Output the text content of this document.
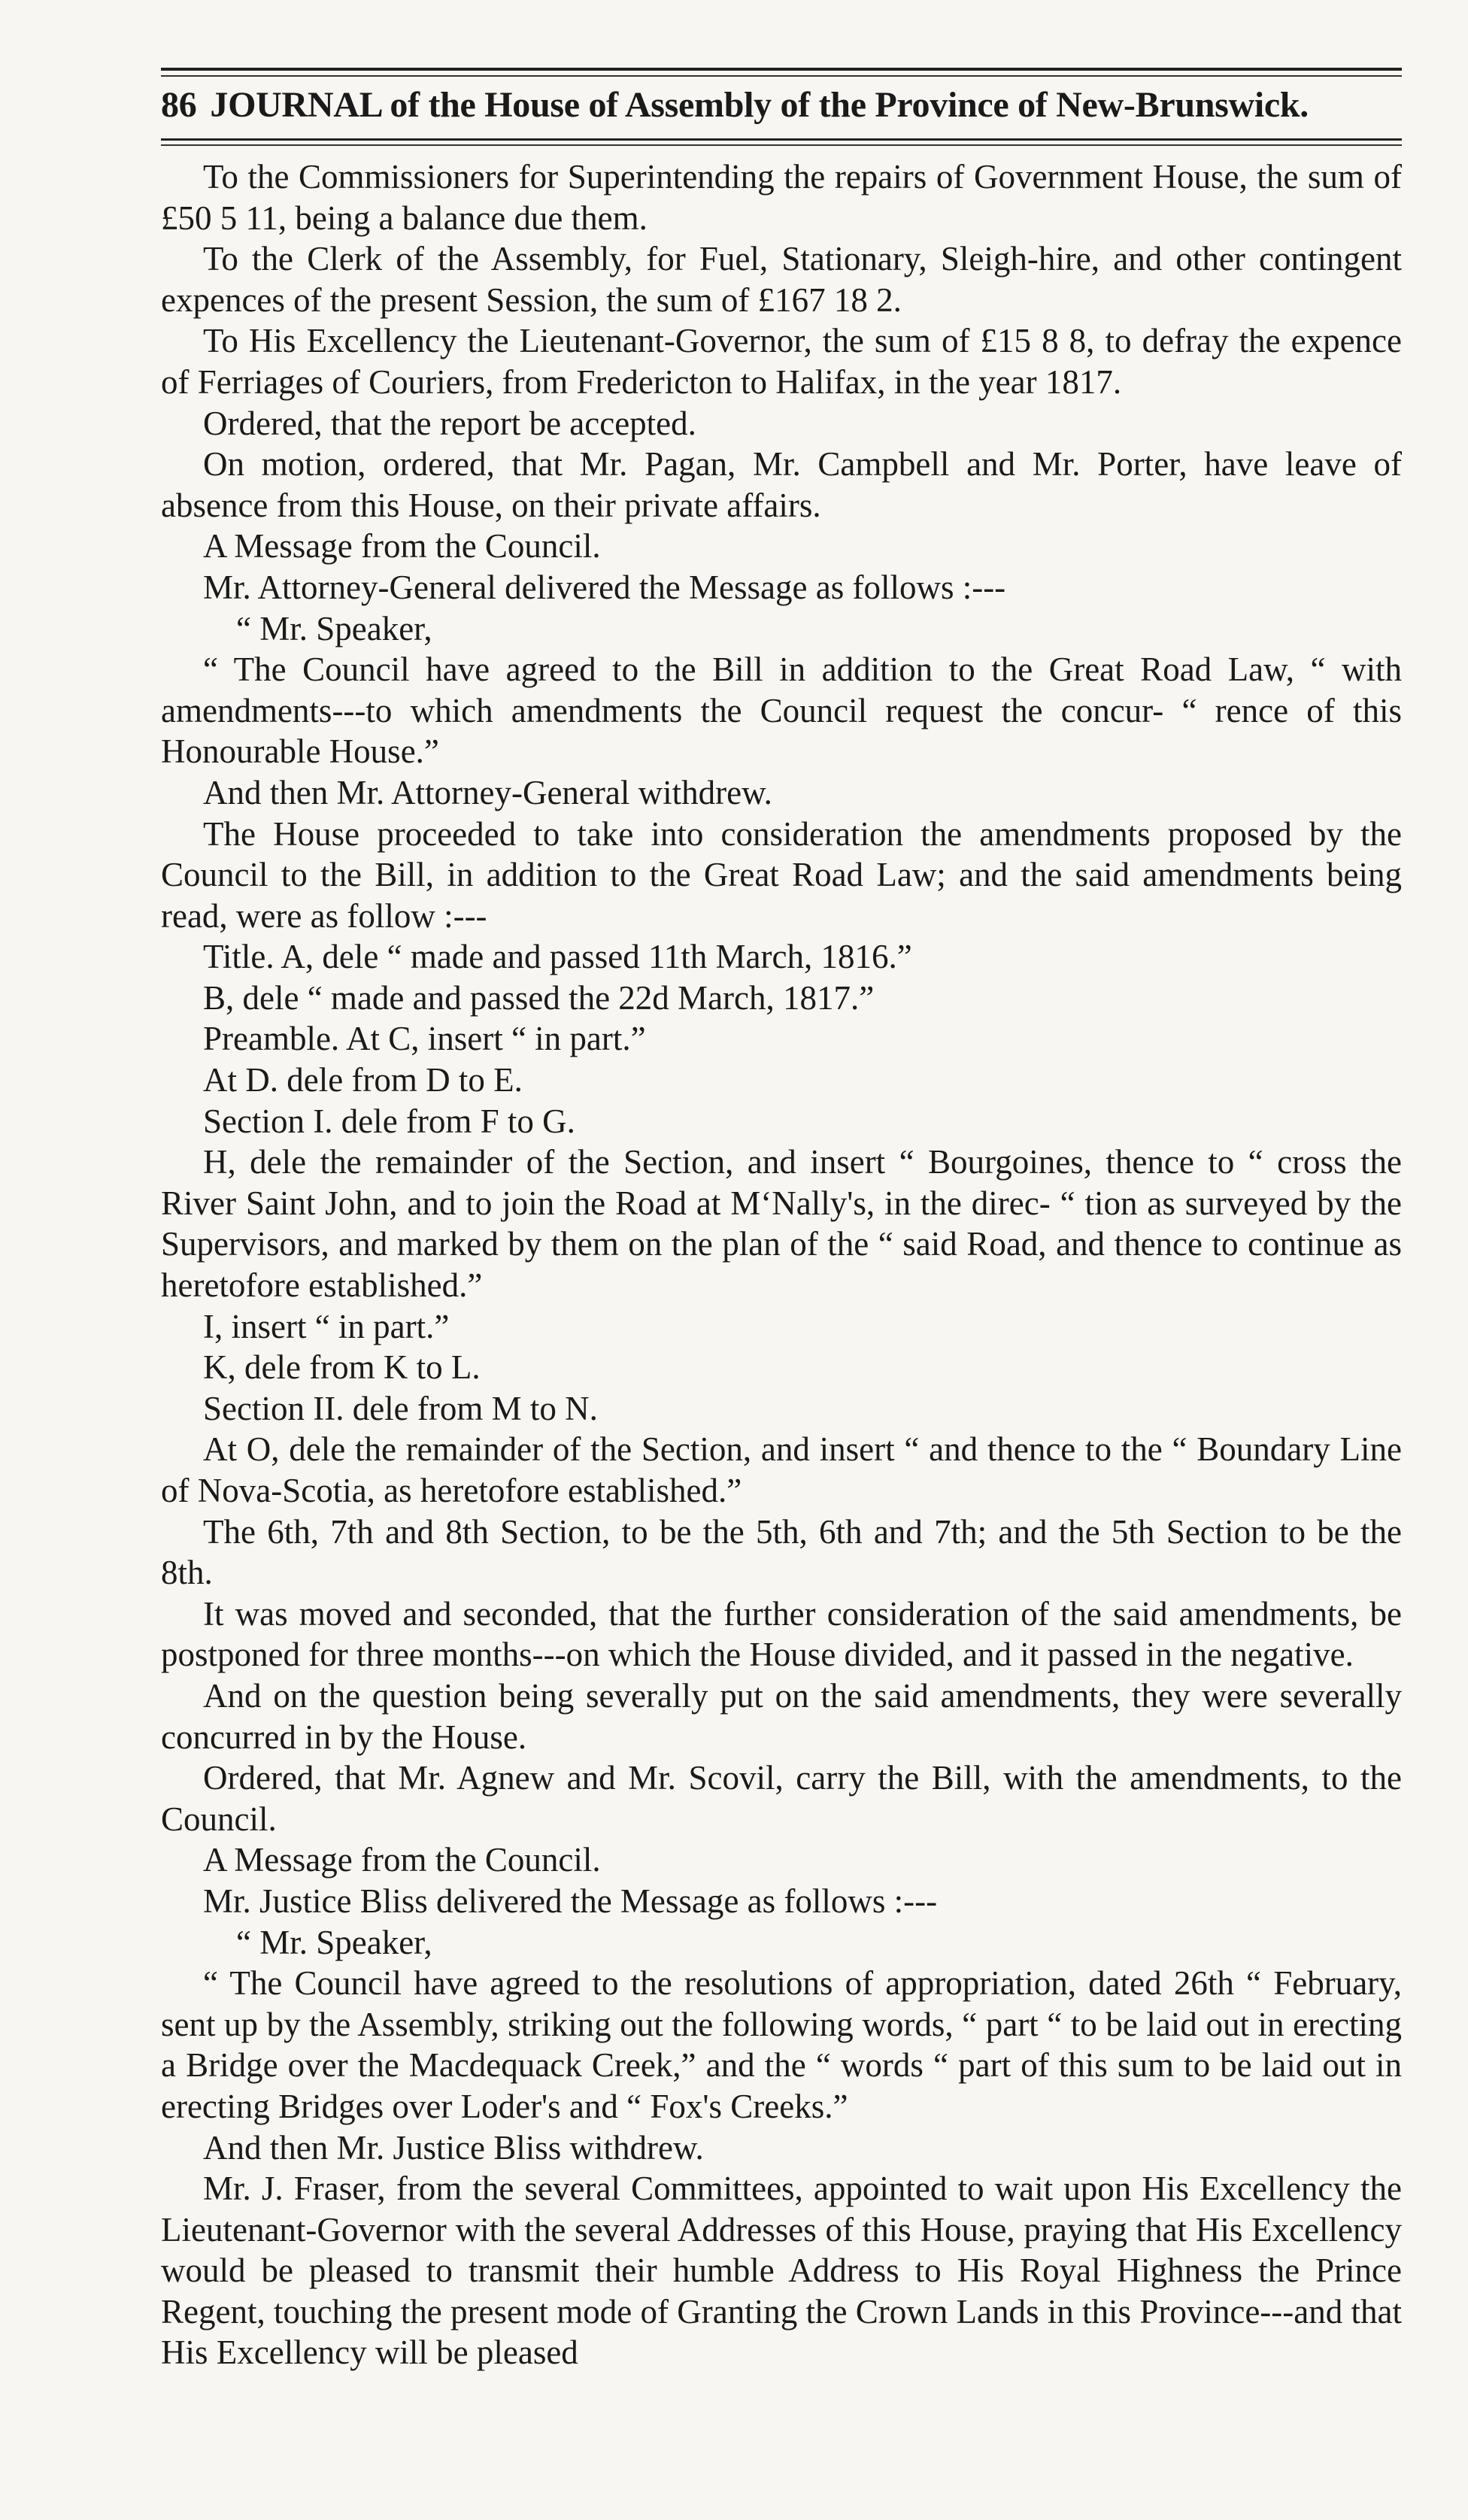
86 JOURNAL of the House of Assembly of the Province of New-Brunswick.

To the Commissioners for Superintending the repairs of Government House, the sum of £50 5 11, being a balance due them.

To the Clerk of the Assembly, for Fuel, Stationary, Sleigh-hire, and other contingent expences of the present Session, the sum of £167 18 2.

To His Excellency the Lieutenant-Governor, the sum of £15 8 8, to defray the expence of Ferriages of Couriers, from Fredericton to Halifax, in the year 1817.

Ordered, that the report be accepted.

On motion, ordered, that Mr. Pagan, Mr. Campbell and Mr. Porter, have leave of absence from this House, on their private affairs.

A Message from the Council.

Mr. Attorney-General delivered the Message as follows :---

“ Mr. Speaker,

“ The Council have agreed to the Bill in addition to the Great Road Law, “ with amendments---to which amendments the Council request the concur- “ rence of this Honourable House.”

And then Mr. Attorney-General withdrew.

The House proceeded to take into consideration the amendments proposed by the Council to the Bill, in addition to the Great Road Law; and the said amendments being read, were as follow :---

Title. A, dele “ made and passed 11th March, 1816.”

B, dele “ made and passed the 22d March, 1817.”

Preamble. At C, insert “ in part.”

At D. dele from D to E.

Section I. dele from F to G.

H, dele the remainder of the Section, and insert “ Bourgoines, thence to “ cross the River Saint John, and to join the Road at M‘Nally's, in the direc- “ tion as surveyed by the Supervisors, and marked by them on the plan of the “ said Road, and thence to continue as heretofore established.”

I, insert “ in part.”

K, dele from K to L.

Section II. dele from M to N.

At O, dele the remainder of the Section, and insert “ and thence to the “ Boundary Line of Nova-Scotia, as heretofore established.”

The 6th, 7th and 8th Section, to be the 5th, 6th and 7th; and the 5th Section to be the 8th.

It was moved and seconded, that the further consideration of the said amendments, be postponed for three months---on which the House divided, and it passed in the negative.

And on the question being severally put on the said amendments, they were severally concurred in by the House.

Ordered, that Mr. Agnew and Mr. Scovil, carry the Bill, with the amendments, to the Council.

A Message from the Council.

Mr. Justice Bliss delivered the Message as follows :---

“ Mr. Speaker,

“ The Council have agreed to the resolutions of appropriation, dated 26th “ February, sent up by the Assembly, striking out the following words, “ part “ to be laid out in erecting a Bridge over the Macdequack Creek,” and the “ words “ part of this sum to be laid out in erecting Bridges over Loder's and “ Fox's Creeks.”

And then Mr. Justice Bliss withdrew.

Mr. J. Fraser, from the several Committees, appointed to wait upon His Excellency the Lieutenant-Governor with the several Addresses of this House, praying that His Excellency would be pleased to transmit their humble Address to His Royal Highness the Prince Regent, touching the present mode of Granting the Crown Lands in this Province---and that His Excellency will be pleased
